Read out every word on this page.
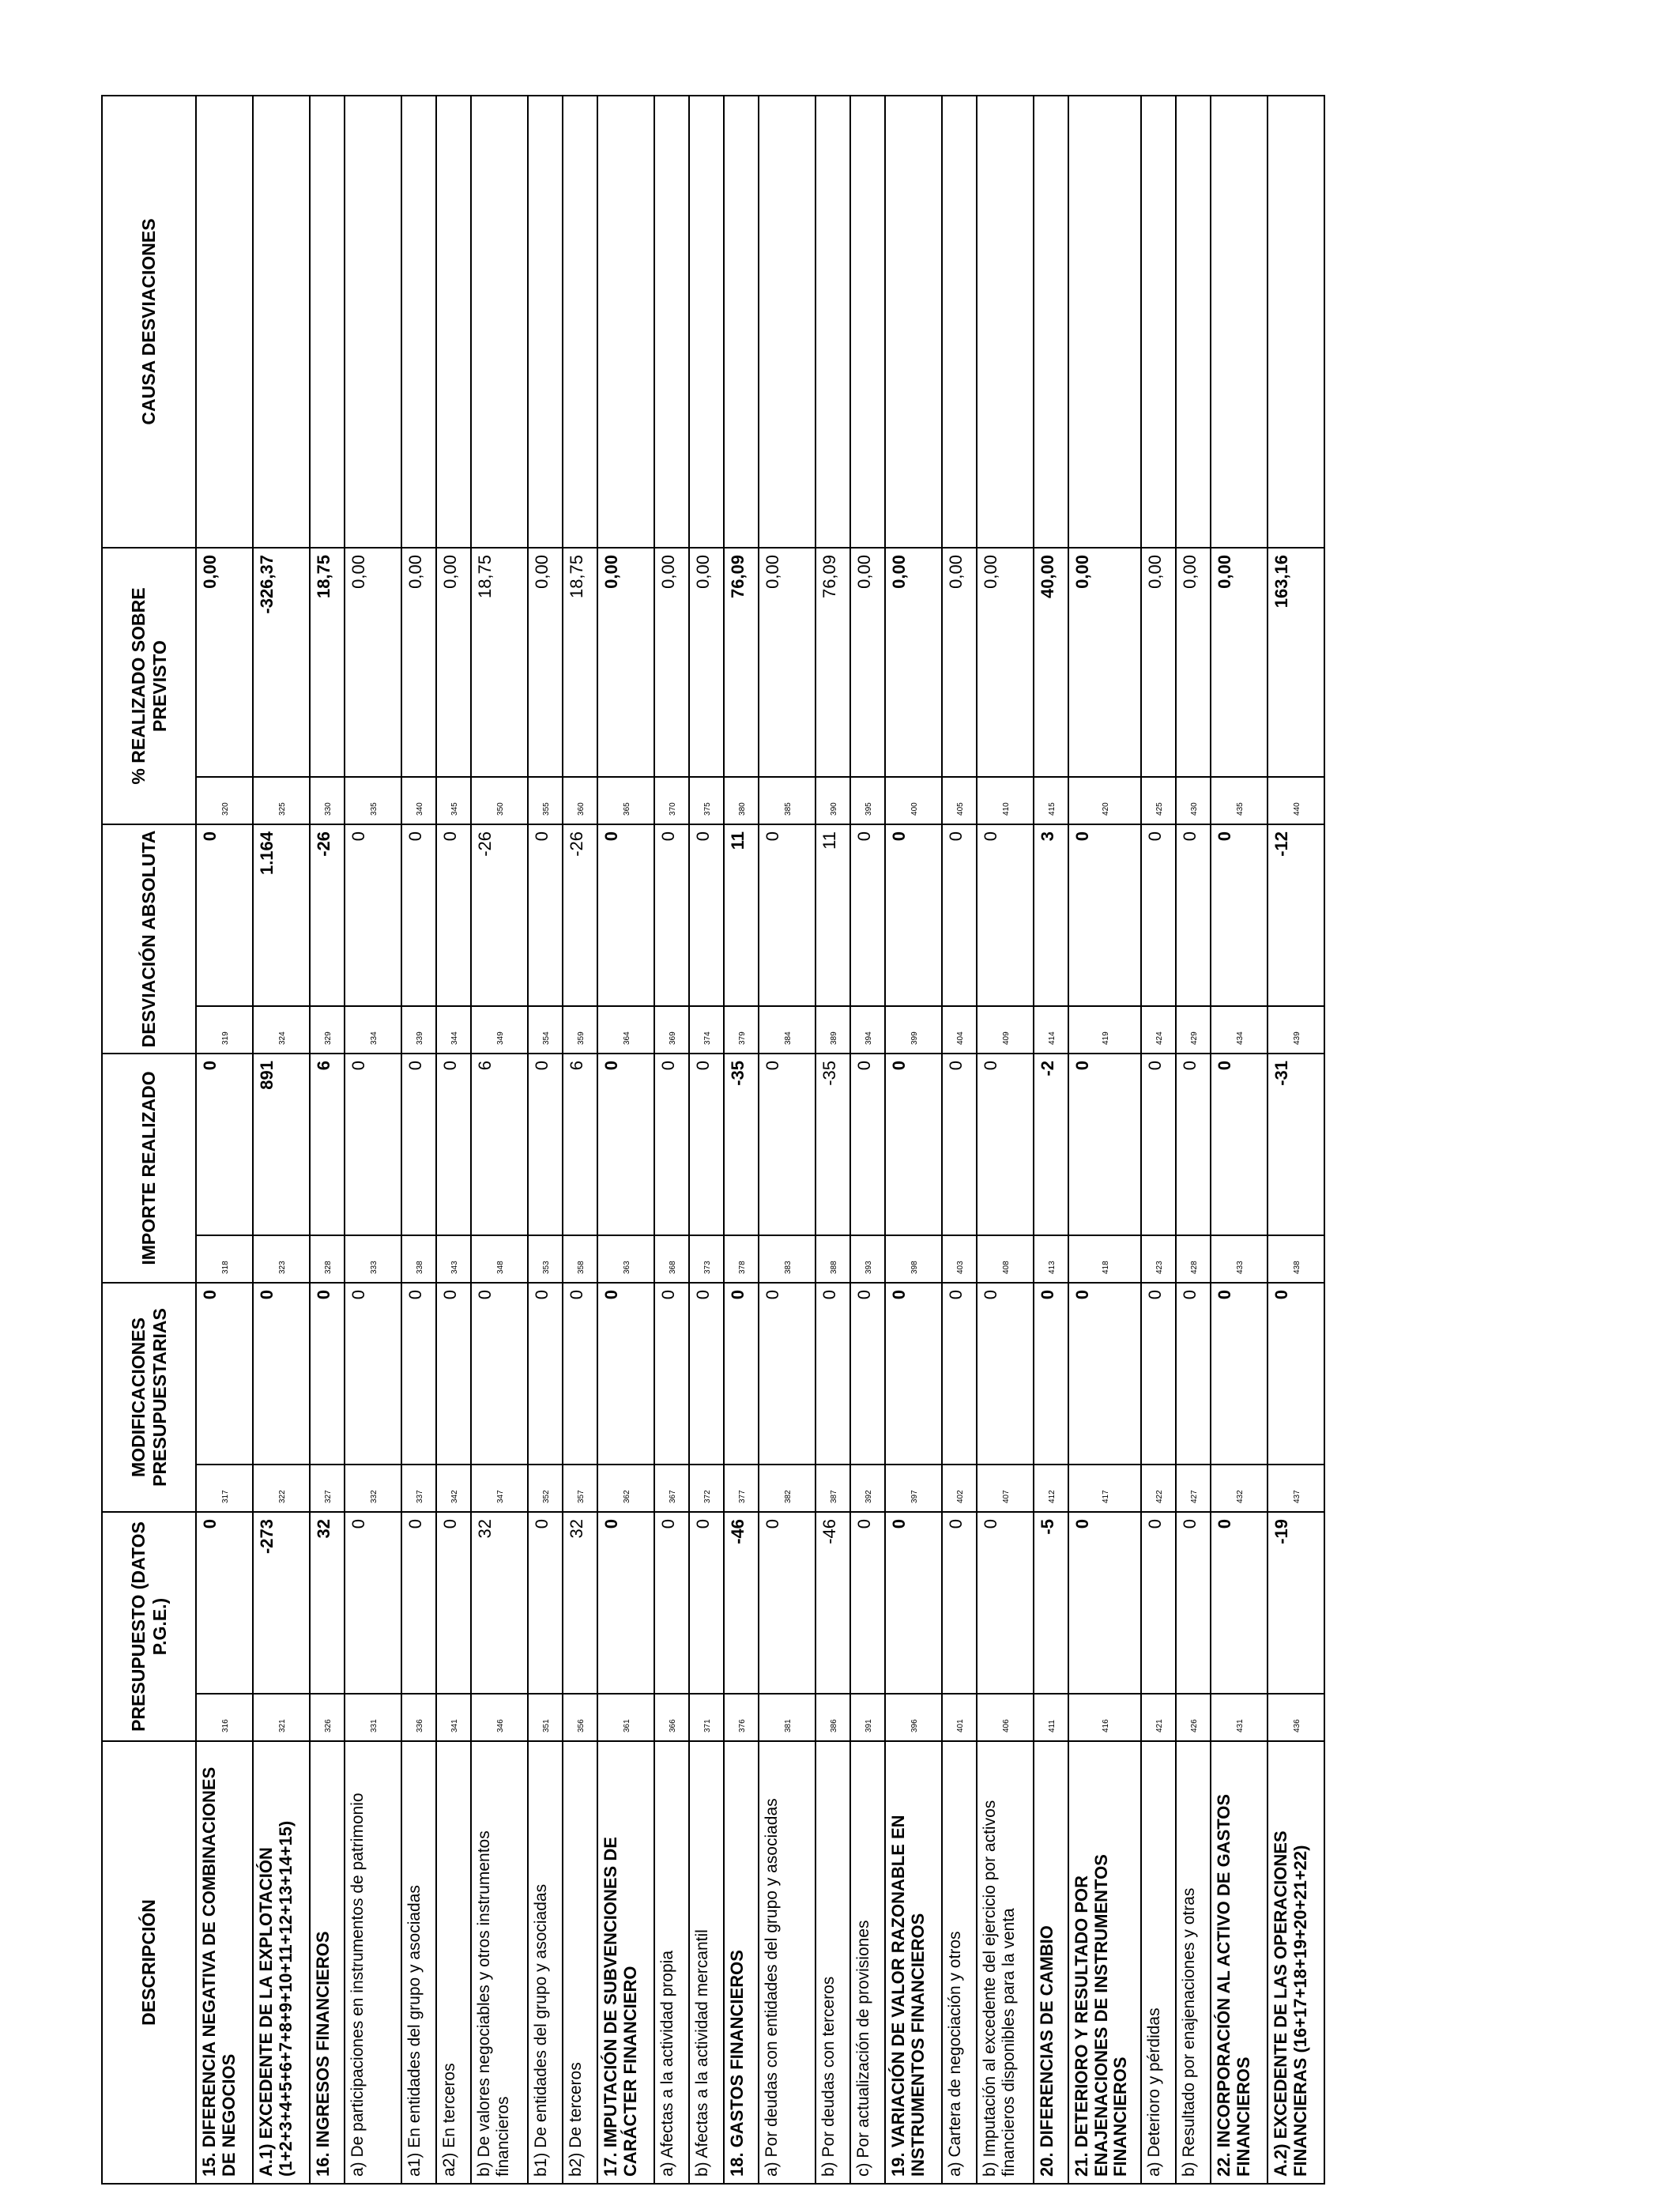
DESCRIPCIÓN	PRESUPUESTO (DATOS P.G.E.)		MODIFICACIONES PRESUPUESTARIAS		IMPORTE REALIZADO		DESVIACIÓN ABSOLUTA		% REALIZADO SOBRE PREVISTO		CAUSA DESVIACIONES
15. DIFERENCIA NEGATIVA DE COMBINACIONES DE NEGOCIOS	316	0	317	0	318	0	319	0	320	0,00	
A.1) EXCEDENTE DE LA EXPLOTACIÓN (1+2+3+4+5+6+7+8+9+10+11+12+13+14+15)	321	-273	322	0	323	891	324	1.164	325	-326,37	
16. INGRESOS FINANCIEROS	326	32	327	0	328	6	329	-26	330	18,75	
a) De participaciones en instrumentos de patrimonio	331	0	332	0	333	0	334	0	335	0,00	
a1) En entidades del grupo y asociadas	336	0	337	0	338	0	339	0	340	0,00	
a2) En terceros	341	0	342	0	343	0	344	0	345	0,00	
b) De valores negociables y otros instrumentos financieros	346	32	347	0	348	6	349	-26	350	18,75	
b1) De entidades del grupo y asociadas	351	0	352	0	353	0	354	0	355	0,00	
b2) De terceros	356	32	357	0	358	6	359	-26	360	18,75	
17. IMPUTACIÓN DE SUBVENCIONES DE CARÁCTER FINANCIERO	361	0	362	0	363	0	364	0	365	0,00	
a) Afectas a la actividad propia	366	0	367	0	368	0	369	0	370	0,00	
b) Afectas a la actividad mercantil	371	0	372	0	373	0	374	0	375	0,00	
18. GASTOS FINANCIEROS	376	-46	377	0	378	-35	379	11	380	76,09	
a) Por deudas con entidades del grupo y asociadas	381	0	382	0	383	0	384	0	385	0,00	
b) Por deudas con terceros	386	-46	387	0	388	-35	389	11	390	76,09	
c) Por actualización de provisiones	391	0	392	0	393	0	394	0	395	0,00	
19. VARIACIÓN DE VALOR RAZONABLE EN INSTRUMENTOS FINANCIEROS	396	0	397	0	398	0	399	0	400	0,00	
a) Cartera de negociación y otros	401	0	402	0	403	0	404	0	405	0,00	
b) Imputación al excedente del ejercicio por activos financieros disponibles para la venta	406	0	407	0	408	0	409	0	410	0,00	
20. DIFERENCIAS DE CAMBIO	411	-5	412	0	413	-2	414	3	415	40,00	
21. DETERIORO Y RESULTADO POR ENAJENACIONES DE INSTRUMENTOS FINANCIEROS	416	0	417	0	418	0	419	0	420	0,00	
a) Deterioro y pérdidas	421	0	422	0	423	0	424	0	425	0,00	
b) Resultado por enajenaciones y otras	426	0	427	0	428	0	429	0	430	0,00	
22. INCORPORACIÓN AL ACTIVO DE GASTOS FINANCIEROS	431	0	432	0	433	0	434	0	435	0,00	
A.2) EXCEDENTE DE LAS OPERACIONES FINANCIERAS (16+17+18+19+20+21+22)	436	-19	437	0	438	-31	439	-12	440	163,16	
